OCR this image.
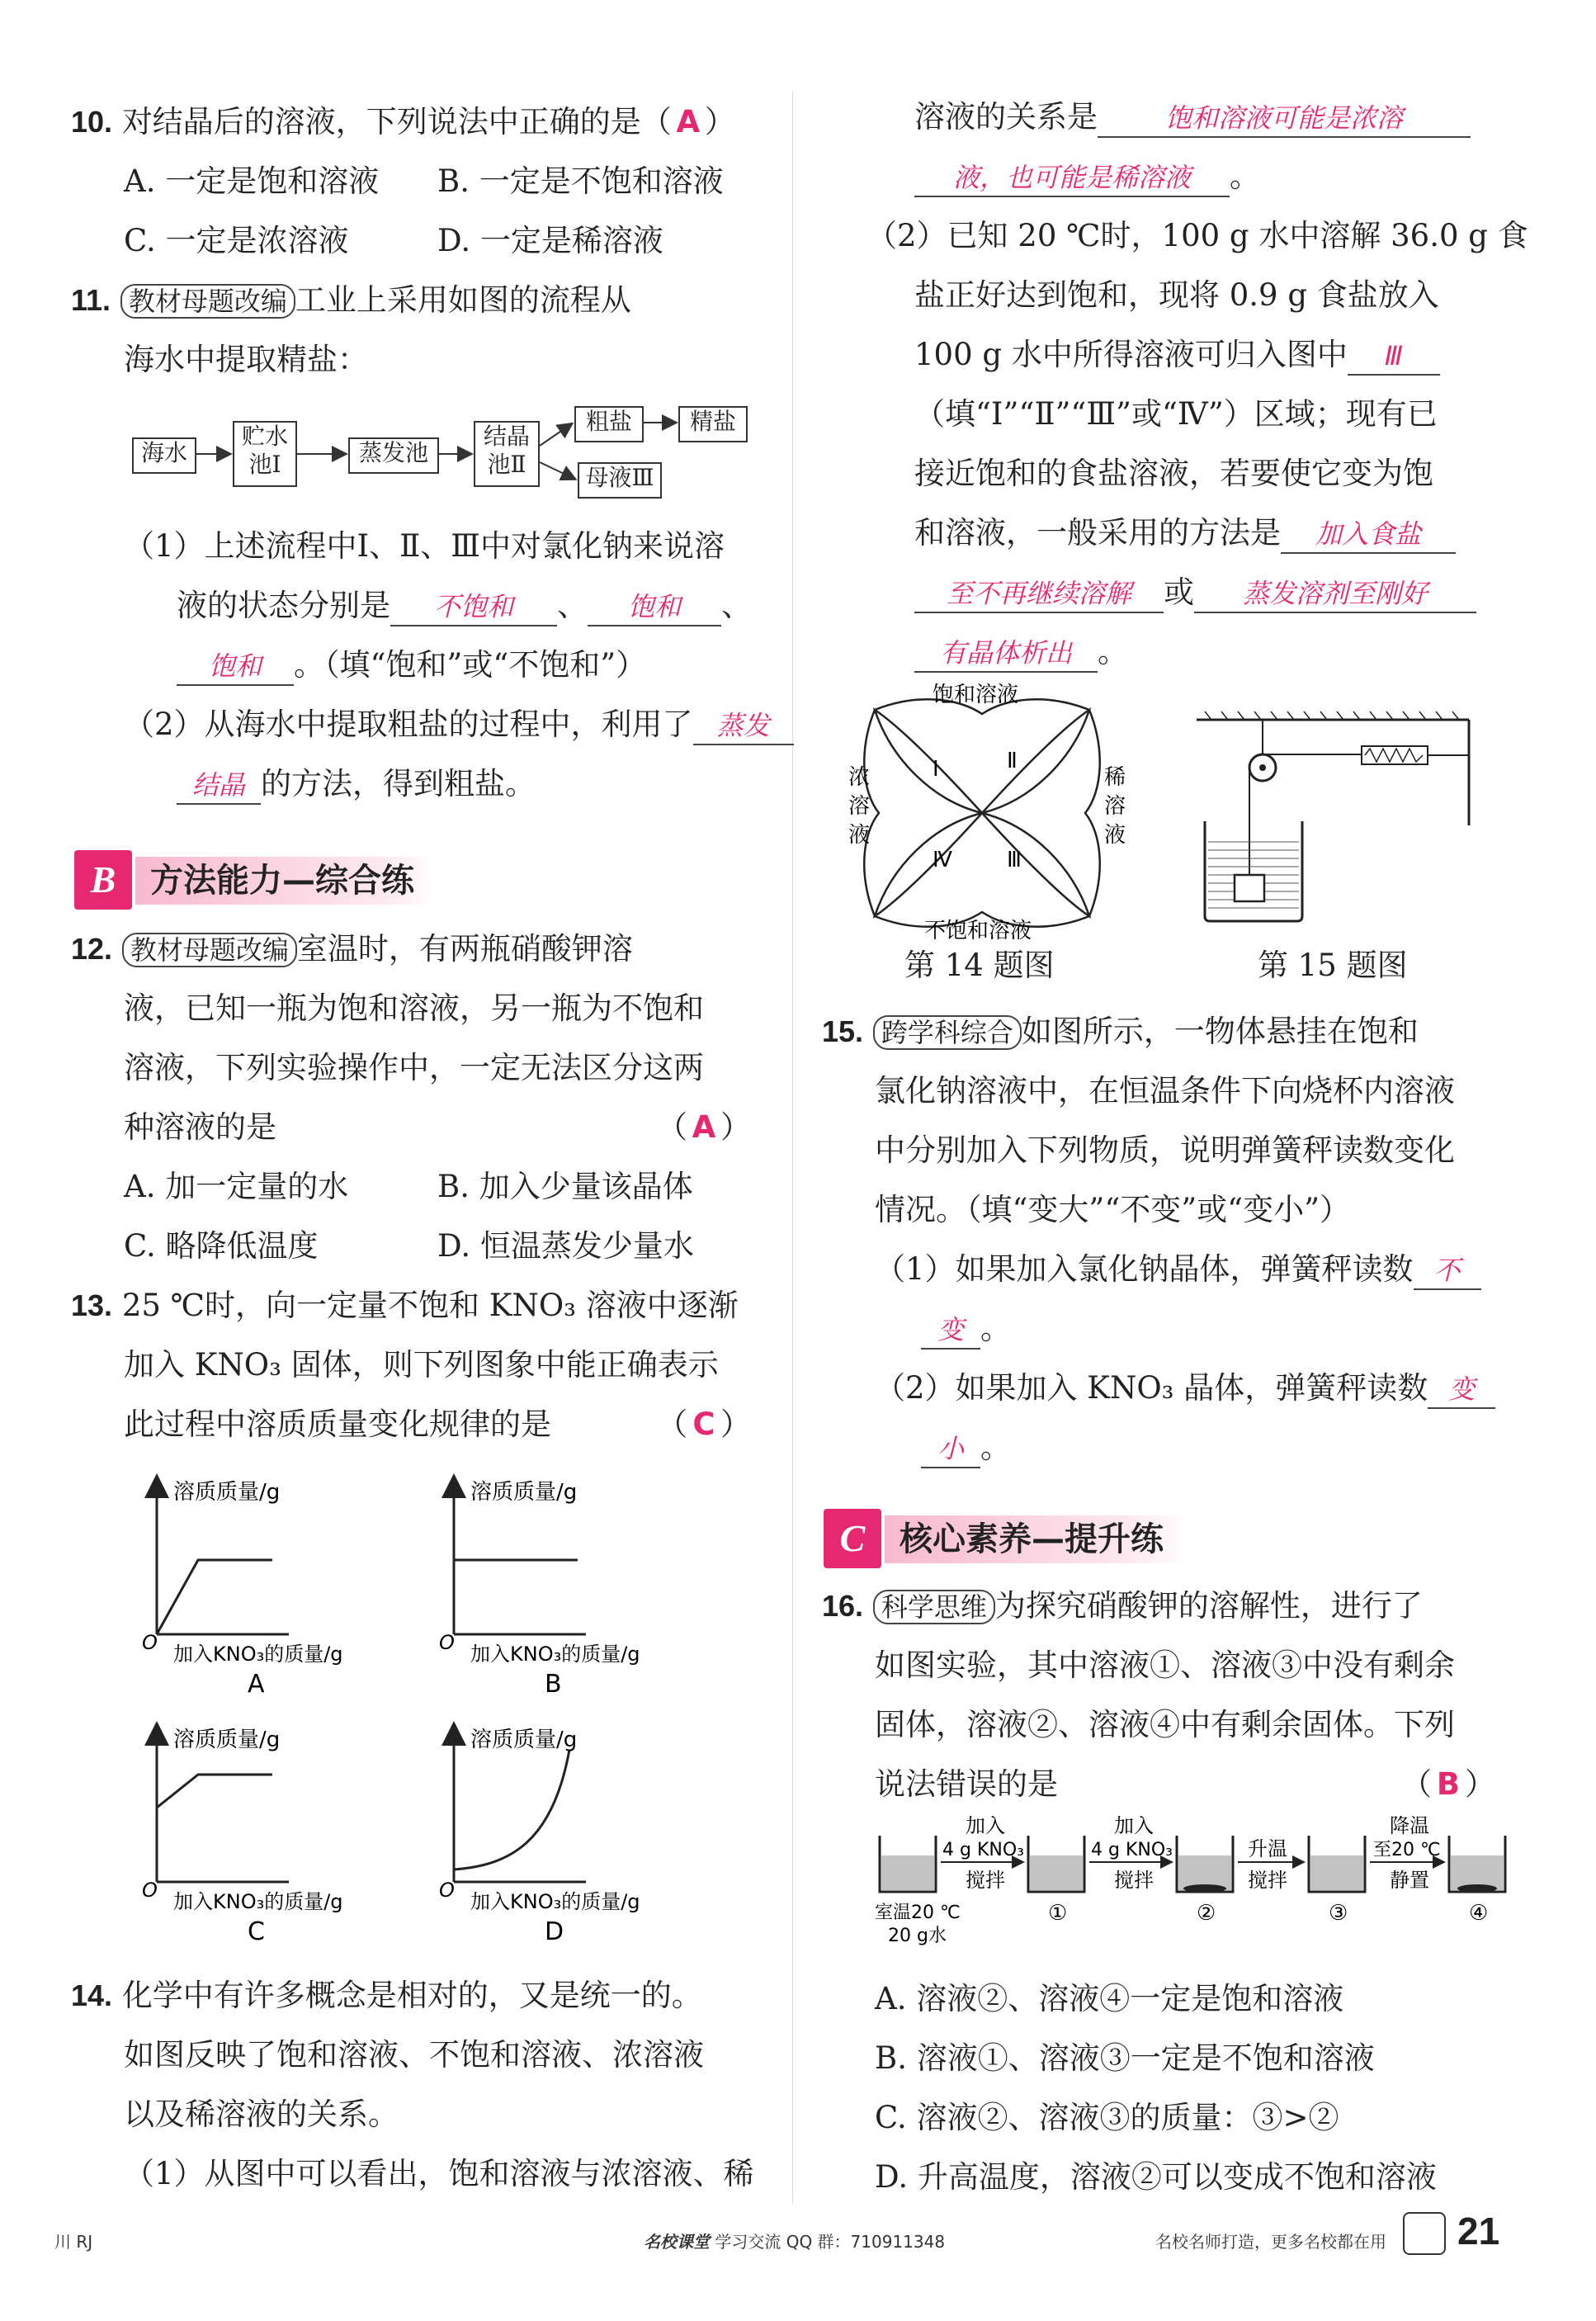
10. 对结晶后的溶液，下列说法中正确的是（ A ）
A. 一定是饱和溶液 B. 一定是不饱和溶液
C. 一定是浓溶液	D. 一定是稀溶液
11. 教材母题改编 工业上采用如图的流程从
海水中提取精盐：
海水
贮水
池Ⅰ	蒸发池
结晶
池Ⅱ
粗盐	精盐
母液Ⅲ
（1）上述流程中Ⅰ、Ⅱ、Ⅲ中对氯化钠来说溶
液的状态分别是 不饱和 、 饱和 、
饱和 。（填“饱和”或“不饱和”）
（2）从海水中提取粗盐的过程中，利用了 蒸发
结晶 的方法，得到粗盐。
B	方法能力—综合练
12. 教材母题改编 室温时，有两瓶硝酸钾溶
液，已知一瓶为饱和溶液，另一瓶为不饱和
溶液，下列实验操作中，一定无法区分这两
种溶液的是	（ A ）
A. 加一定量的水	B. 加入少量该晶体
C. 略降低温度	D. 恒温蒸发少量水
13. 25 ℃时，向一定量不饱和 KNO₃ 溶液中逐渐
加入 KNO₃ 固体，则下列图象中能正确表示
此过程中溶质质量变化规律的是	（ C ）
溶质质量/g
O 加入KNO₃的质量/g
A
溶质质量/g
O 加入KNO₃的质量/g
B
溶质质量/g
O 加入KNO₃的质量/g
C
溶质质量/g
O 加入KNO₃的质量/g
D
14. 化学中有许多概念是相对的，又是统一的。
如图反映了饱和溶液、不饱和溶液、浓溶液
以及稀溶液的关系。
（1）从图中可以看出，饱和溶液与浓溶液、稀
溶液的关系是	饱和溶液可能是浓溶
液，也可能是稀溶液 。
（2）已知 20 ℃时，100 g 水中溶解 36.0 g 食
盐正好达到饱和，现将 0.9 g 食盐放入
100 g 水中所得溶液可归入图中 Ⅲ
（填“Ⅰ”“Ⅱ”“Ⅲ”或“Ⅳ”）区域；现有已
接近饱和的食盐溶液，若要使它变为饱
和溶液，一般采用的方法是 加入食盐
至不再继续溶解 或 蒸发溶剂至刚好
有晶体析出 。
饱和溶液
不饱和溶液
浓
溶
液
稀
溶
液
Ⅰ	Ⅱ
Ⅳ	Ⅲ
第 14 题图	第 15 题图
15. 跨学科综合 如图所示，一物体悬挂在饱和
氯化钠溶液中，在恒温条件下向烧杯内溶液
中分别加入下列物质，说明弹簧秤读数变化
情况。（填“变大”“不变”或“变小”）
（1）如果加入氯化钠晶体，弹簧秤读数 不
变 。
（2）如果加入 KNO₃ 晶体，弹簧秤读数 变
小 。
C	核心素养—提升练
16. 科学思维 为探究硝酸钾的溶解性，进行了
如图实验，其中溶液①、溶液③中没有剩余
固体，溶液②、溶液④中有剩余固体。下列
说法错误的是	（ B ）
加入
4 g KNO₃
搅拌
加入
4 g KNO₃
搅拌
升温
搅拌
降温
至20 ℃
静置
室温20 ℃
20 g水
①	②	③	④
A. 溶液②、溶液④一定是饱和溶液
B. 溶液①、溶液③一定是不饱和溶液
C. 溶液②、溶液③的质量：③>②
D. 升高温度，溶液②可以变成不饱和溶液
川 RJ	名校课堂 学习交流 QQ 群：710911348	名校名师打造，更多名校都在用 21
